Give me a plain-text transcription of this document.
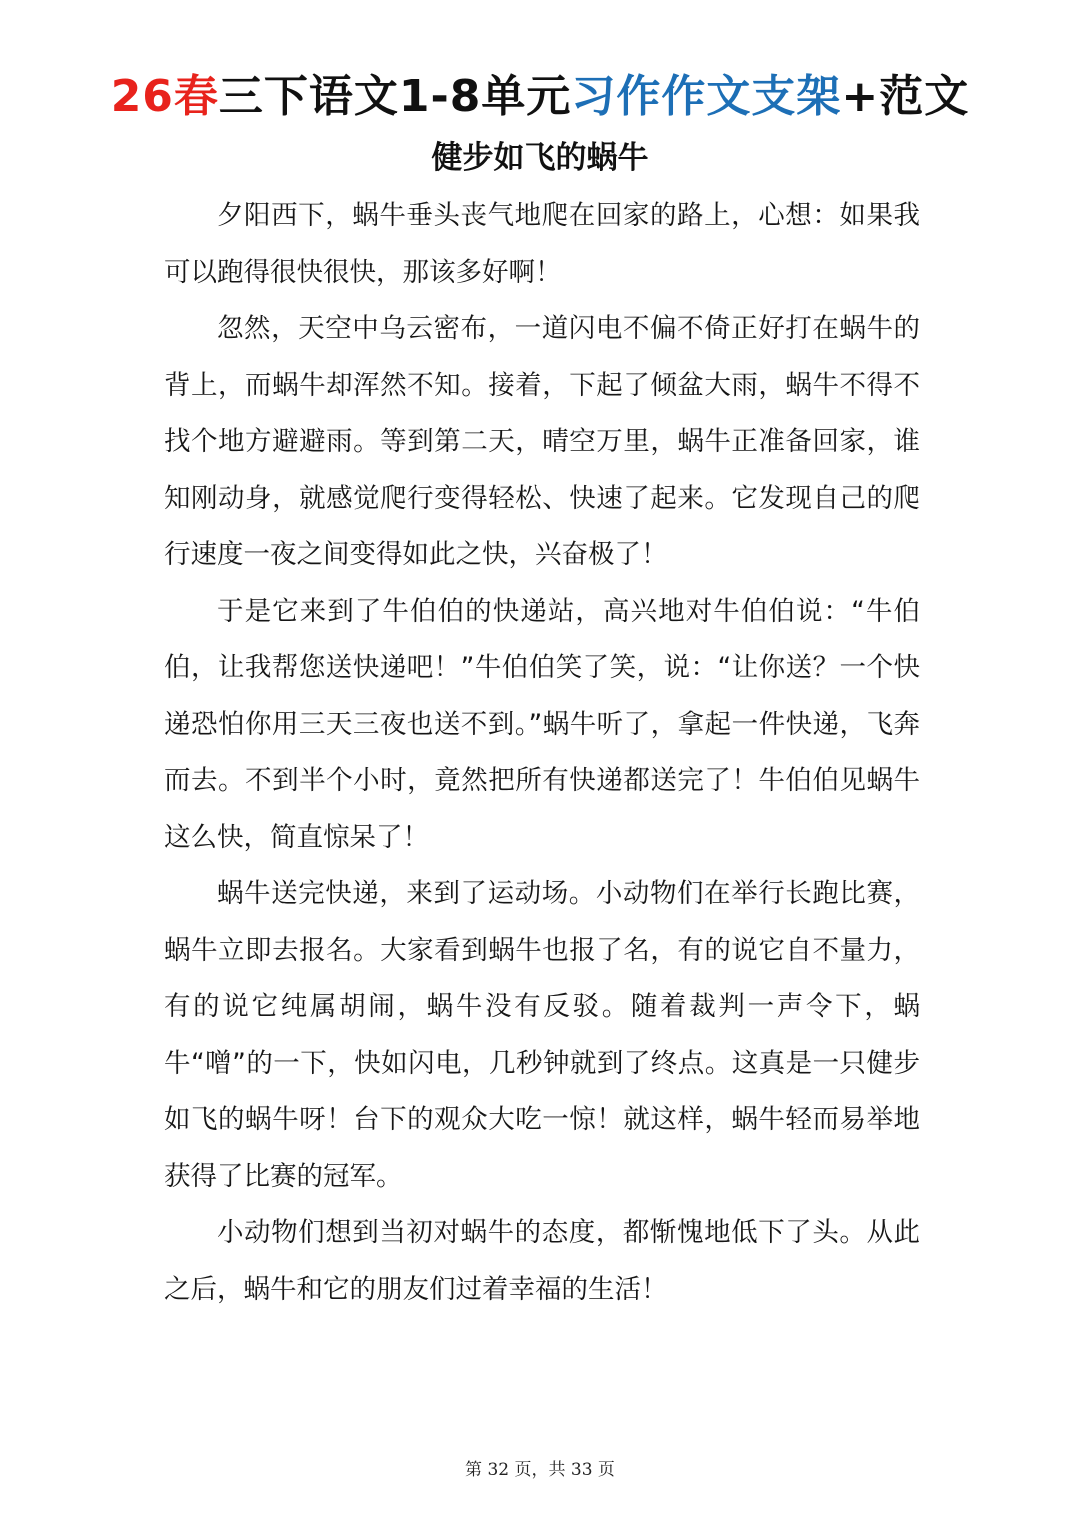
26春三下语文1-8单元习作作文支架+范文
健步如飞的蜗牛

夕阳西下，蜗牛垂头丧气地爬在回家的路上，心想：如果我可以跑得很快很快，那该多好啊！

忽然，天空中乌云密布，一道闪电不偏不倚正好打在蜗牛的背上，而蜗牛却浑然不知。接着，下起了倾盆大雨，蜗牛不得不找个地方避避雨。等到第二天，晴空万里，蜗牛正准备回家，谁知刚动身，就感觉爬行变得轻松、快速了起来。它发现自己的爬行速度一夜之间变得如此之快，兴奋极了！

于是它来到了牛伯伯的快递站，高兴地对牛伯伯说：“牛伯伯，让我帮您送快递吧！”牛伯伯笑了笑，说：“让你送？一个快递恐怕你用三天三夜也送不到。”蜗牛听了，拿起一件快递，飞奔而去。不到半个小时，竟然把所有快递都送完了！牛伯伯见蜗牛这么快，简直惊呆了！

蜗牛送完快递，来到了运动场。小动物们在举行长跑比赛，蜗牛立即去报名。大家看到蜗牛也报了名，有的说它自不量力，有的说它纯属胡闹，蜗牛没有反驳。随着裁判一声令下，蜗牛“噌”的一下，快如闪电，几秒钟就到了终点。这真是一只健步如飞的蜗牛呀！台下的观众大吃一惊！就这样，蜗牛轻而易举地获得了比赛的冠军。

小动物们想到当初对蜗牛的态度，都惭愧地低下了头。从此之后，蜗牛和它的朋友们过着幸福的生活！

第 32 页，共 33 页
